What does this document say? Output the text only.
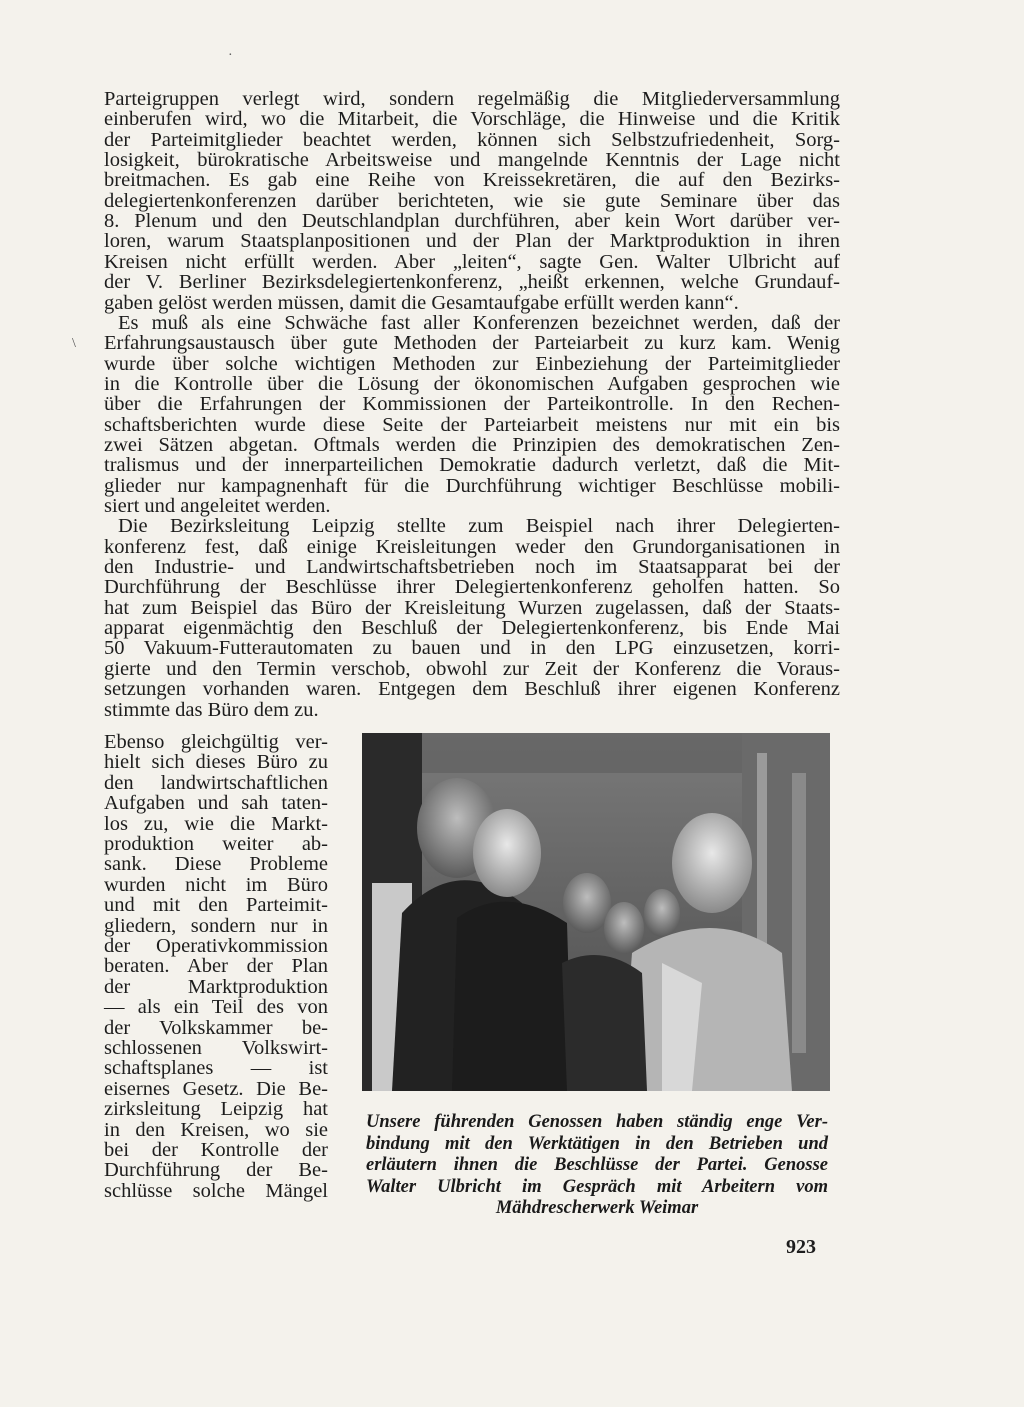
·
\
Parteigruppen verlegt wird, sondern regelmäßig die Mitgliederversammlung
einberufen wird, wo die Mitarbeit, die Vorschläge, die Hinweise und die Kritik
der Parteimitglieder beachtet werden, können sich Selbstzufriedenheit, Sorg-
losigkeit, bürokratische Arbeitsweise und mangelnde Kenntnis der Lage nicht
breitmachen. Es gab eine Reihe von Kreissekretären, die auf den Bezirks-
delegiertenkonferenzen darüber berichteten, wie sie gute Seminare über das
8. Plenum und den Deutschlandplan durchführen, aber kein Wort darüber ver-
loren, warum Staatsplanpositionen und der Plan der Marktproduktion in ihren
Kreisen nicht erfüllt werden. Aber „leiten“, sagte Gen. Walter Ulbricht auf
der V. Berliner Bezirksdelegiertenkonferenz, „heißt erkennen, welche Grundauf-
gaben gelöst werden müssen, damit die Gesamtaufgabe erfüllt werden kann“.
Es muß als eine Schwäche fast aller Konferenzen bezeichnet werden, daß der
Erfahrungsaustausch über gute Methoden der Parteiarbeit zu kurz kam. Wenig
wurde über solche wichtigen Methoden zur Einbeziehung der Parteimitglieder
in die Kontrolle über die Lösung der ökonomischen Aufgaben gesprochen wie
über die Erfahrungen der Kommissionen der Parteikontrolle. In den Rechen-
schaftsberichten wurde diese Seite der Parteiarbeit meistens nur mit ein bis
zwei Sätzen abgetan. Oftmals werden die Prinzipien des demokratischen Zen-
tralismus und der innerparteilichen Demokratie dadurch verletzt, daß die Mit-
glieder nur kampagnenhaft für die Durchführung wichtiger Beschlüsse mobili-
siert und angeleitet werden.
Die Bezirksleitung Leipzig stellte zum Beispiel nach ihrer Delegierten-
konferenz fest, daß einige Kreisleitungen weder den Grundorganisationen in
den Industrie- und Landwirtschaftsbetrieben noch im Staatsapparat bei der
Durchführung der Beschlüsse ihrer Delegiertenkonferenz geholfen hatten. So
hat zum Beispiel das Büro der Kreisleitung Wurzen zugelassen, daß der Staats-
apparat eigenmächtig den Beschluß der Delegiertenkonferenz, bis Ende Mai
50 Vakuum-Futterautomaten zu bauen und in den LPG einzusetzen, korri-
gierte und den Termin verschob, obwohl zur Zeit der Konferenz die Voraus-
setzungen vorhanden waren. Entgegen dem Beschluß ihrer eigenen Konferenz
stimmte das Büro dem zu.
Ebenso gleichgültig ver-
hielt sich dieses Büro zu
den landwirtschaftlichen
Aufgaben und sah taten-
los zu, wie die Markt-
produktion weiter ab-
sank. Diese Probleme
wurden nicht im Büro
und mit den Parteimit-
gliedern, sondern nur in
der Operativkommission
beraten. Aber der Plan
der Marktproduktion
— als ein Teil des von
der Volkskammer be-
schlossenen Volkswirt-
schaftsplanes — ist
eisernes Gesetz. Die Be-
zirksleitung Leipzig hat
in den Kreisen, wo sie
bei der Kontrolle der
Durchführung der Be-
schlüsse solche Mängel
Unsere führenden Genossen haben ständig enge Ver-
bindung mit den Werktätigen in den Betrieben und
erläutern ihnen die Beschlüsse der Partei. Genosse
Walter Ulbricht im Gespräch mit Arbeitern vom
Mähdrescherwerk Weimar
923
